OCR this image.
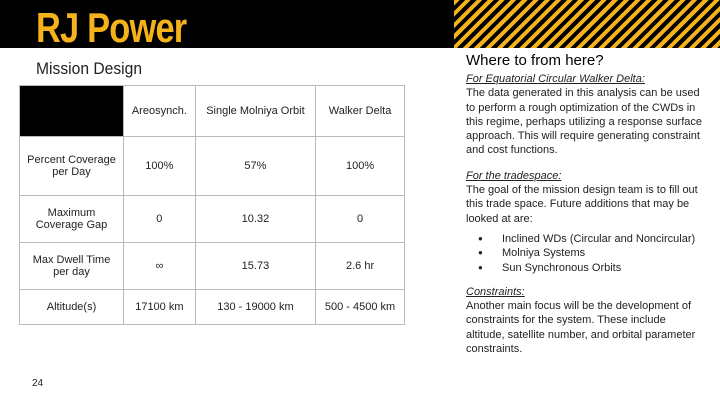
RJ Power
Mission Design
	Areosynch.	Single Molniya Orbit	Walker Delta
Percent Coverage per Day	100%	57%	100%
Maximum Coverage Gap	0	10.32	0
Max Dwell Time per day	∞	15.73	2.6 hr
Altitude(s)	17100 km	130 - 19000 km	500 - 4500 km
24
Where to from here?
For Equatorial Circular Walker Delta:
The data generated in this analysis can be used to perform a rough optimization of the CWDs in this regime, perhaps utilizing a response surface approach. This will require generating constraint and cost functions.
For the tradespace:
The goal of the mission design team is to fill out this trade space. Future additions that may be looked at are:
● Inclined WDs (Circular and Noncircular)
● Molniya Systems
● Sun Synchronous Orbits
Constraints:
Another main focus will be the development of constraints for the system. These include altitude, satellite number, and orbital parameter constraints.
